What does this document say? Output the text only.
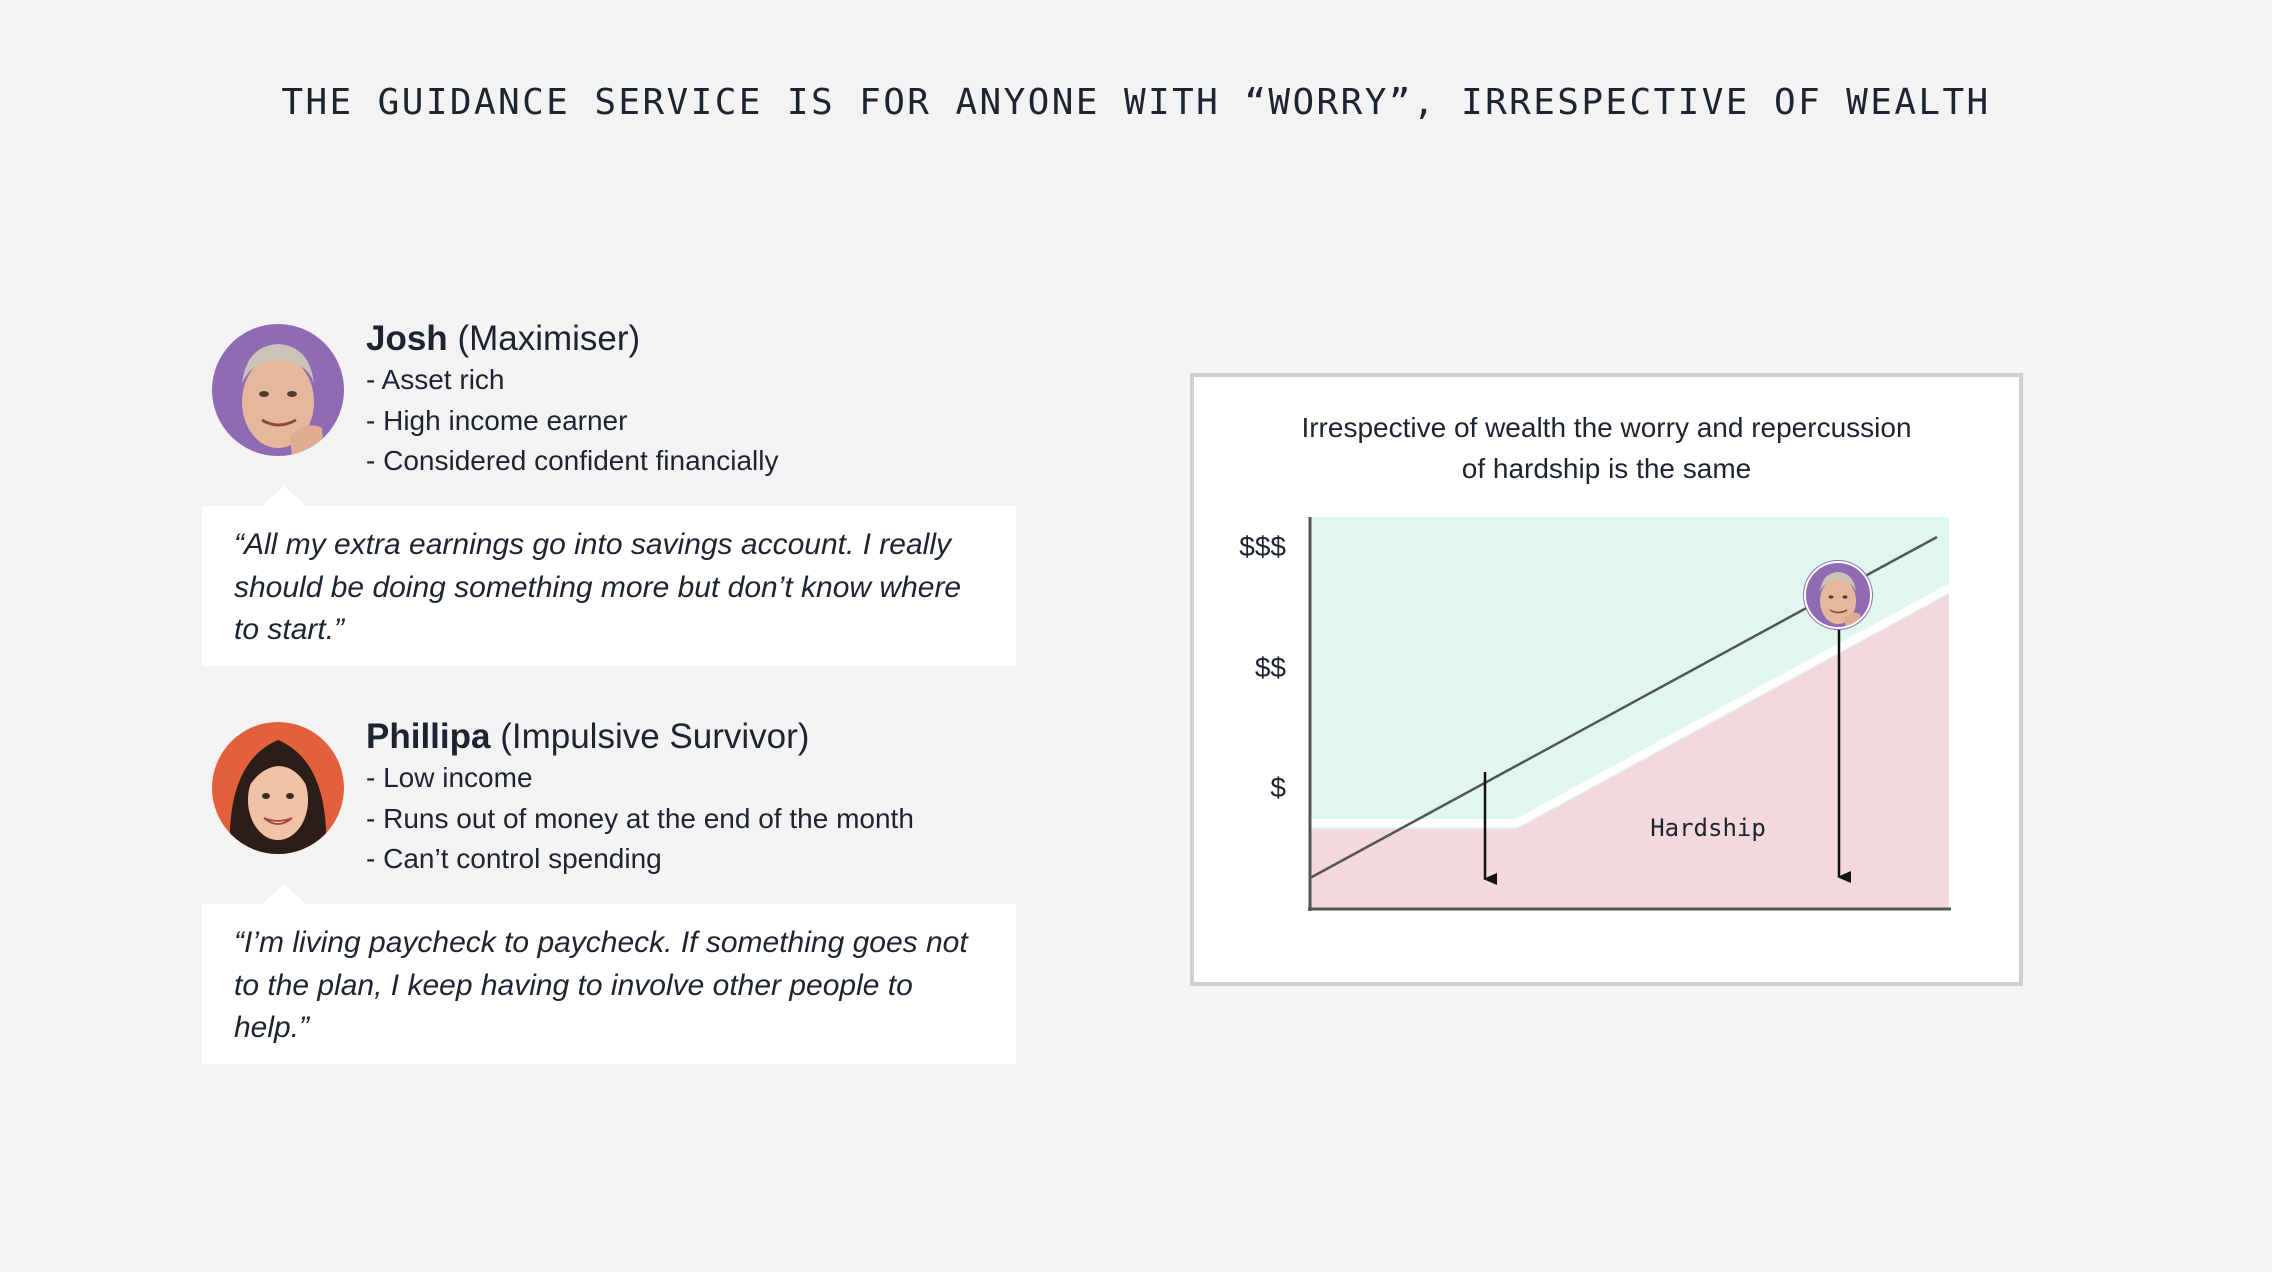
THE GUIDANCE SERVICE IS FOR ANYONE WITH “WORRY”, IRRESPECTIVE OF WEALTH
Josh (Maximiser)
- Asset rich
- High income earner
- Considered confident financially
“All my extra earnings go into savings account. I really should be doing something more but don’t know where to start.”
Phillipa (Impulsive Survivor)
- Low income
- Runs out of money at the end of the month
- Can’t control spending
“I’m living paycheck to paycheck. If something goes not to the plan, I keep having to involve other people to help.”
Irrespective of wealth the worry and repercussion
of hardship is the same
$$$
$$
$
Hardship
